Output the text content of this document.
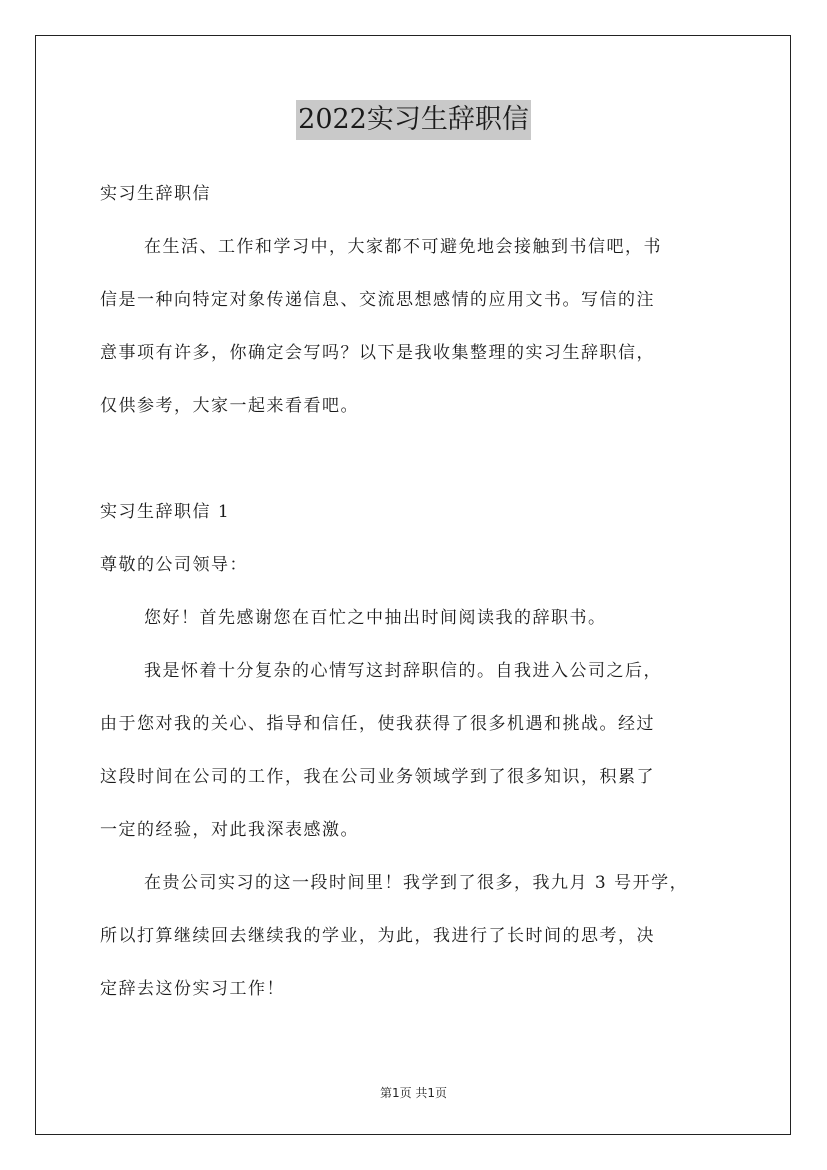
2022实习生辞职信
实习生辞职信
在生活、工作和学习中，大家都不可避免地会接触到书信吧，书
信是一种向特定对象传递信息、交流思想感情的应用文书。写信的注
意事项有许多，你确定会写吗？以下是我收集整理的实习生辞职信，
仅供参考，大家一起来看看吧。
实习生辞职信 1
尊敬的公司领导：
您好！首先感谢您在百忙之中抽出时间阅读我的辞职书。
我是怀着十分复杂的心情写这封辞职信的。自我进入公司之后，
由于您对我的关心、指导和信任，使我获得了很多机遇和挑战。经过
这段时间在公司的工作，我在公司业务领域学到了很多知识，积累了
一定的经验，对此我深表感激。
在贵公司实习的这一段时间里！我学到了很多，我九月 3 号开学，
所以打算继续回去继续我的学业，为此，我进行了长时间的思考，决
定辞去这份实习工作！
第1页 共1页
